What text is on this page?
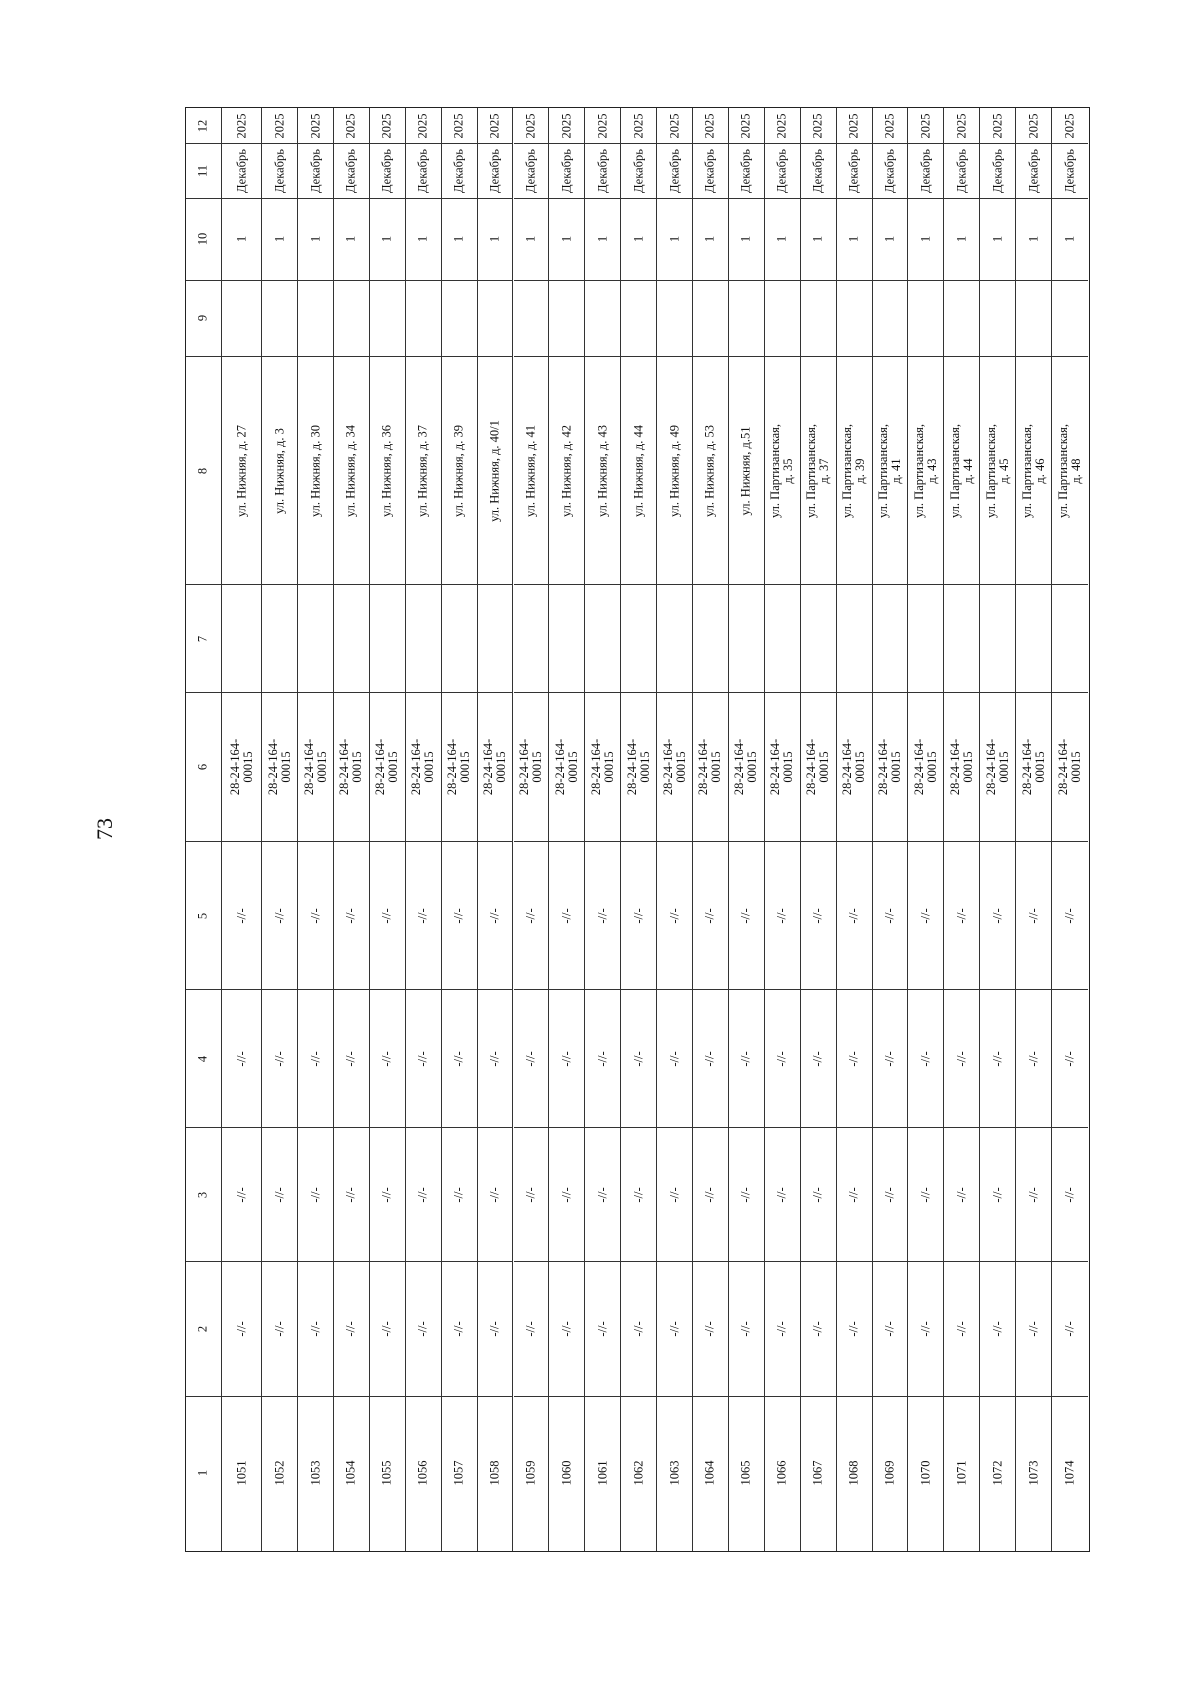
73
12
11
10
9
8
7
6
5
4
3
2
1
2025
Декабрь
1
ул. Нижняя, д. 27
28-24-164-
00015
-//-
-//-
-//-
-//-
1051
2025
Декабрь
1
ул. Нижняя, д. 3
28-24-164-
00015
-//-
-//-
-//-
-//-
1052
2025
Декабрь
1
ул. Нижняя, д. 30
28-24-164-
00015
-//-
-//-
-//-
-//-
1053
2025
Декабрь
1
ул. Нижняя, д. 34
28-24-164-
00015
-//-
-//-
-//-
-//-
1054
2025
Декабрь
1
ул. Нижняя, д. 36
28-24-164-
00015
-//-
-//-
-//-
-//-
1055
2025
Декабрь
1
ул. Нижняя, д. 37
28-24-164-
00015
-//-
-//-
-//-
-//-
1056
2025
Декабрь
1
ул. Нижняя, д. 39
28-24-164-
00015
-//-
-//-
-//-
-//-
1057
2025
Декабрь
1
ул. Нижняя, д. 40/1
28-24-164-
00015
-//-
-//-
-//-
-//-
1058
2025
Декабрь
1
ул. Нижняя, д. 41
28-24-164-
00015
-//-
-//-
-//-
-//-
1059
2025
Декабрь
1
ул. Нижняя, д. 42
28-24-164-
00015
-//-
-//-
-//-
-//-
1060
2025
Декабрь
1
ул. Нижняя, д. 43
28-24-164-
00015
-//-
-//-
-//-
-//-
1061
2025
Декабрь
1
ул. Нижняя, д. 44
28-24-164-
00015
-//-
-//-
-//-
-//-
1062
2025
Декабрь
1
ул. Нижняя, д. 49
28-24-164-
00015
-//-
-//-
-//-
-//-
1063
2025
Декабрь
1
ул. Нижняя, д. 53
28-24-164-
00015
-//-
-//-
-//-
-//-
1064
2025
Декабрь
1
ул. Нижняя, д.51
28-24-164-
00015
-//-
-//-
-//-
-//-
1065
2025
Декабрь
1
ул. Партизанская,
д. 35
28-24-164-
00015
-//-
-//-
-//-
-//-
1066
2025
Декабрь
1
ул. Партизанская,
д. 37
28-24-164-
00015
-//-
-//-
-//-
-//-
1067
2025
Декабрь
1
ул. Партизанская,
д. 39
28-24-164-
00015
-//-
-//-
-//-
-//-
1068
2025
Декабрь
1
ул. Партизанская,
д. 41
28-24-164-
00015
-//-
-//-
-//-
-//-
1069
2025
Декабрь
1
ул. Партизанская,
д. 43
28-24-164-
00015
-//-
-//-
-//-
-//-
1070
2025
Декабрь
1
ул. Партизанская,
д. 44
28-24-164-
00015
-//-
-//-
-//-
-//-
1071
2025
Декабрь
1
ул. Партизанская,
д. 45
28-24-164-
00015
-//-
-//-
-//-
-//-
1072
2025
Декабрь
1
ул. Партизанская,
д. 46
28-24-164-
00015
-//-
-//-
-//-
-//-
1073
2025
Декабрь
1
ул. Партизанская,
д. 48
28-24-164-
00015
-//-
-//-
-//-
-//-
1074
